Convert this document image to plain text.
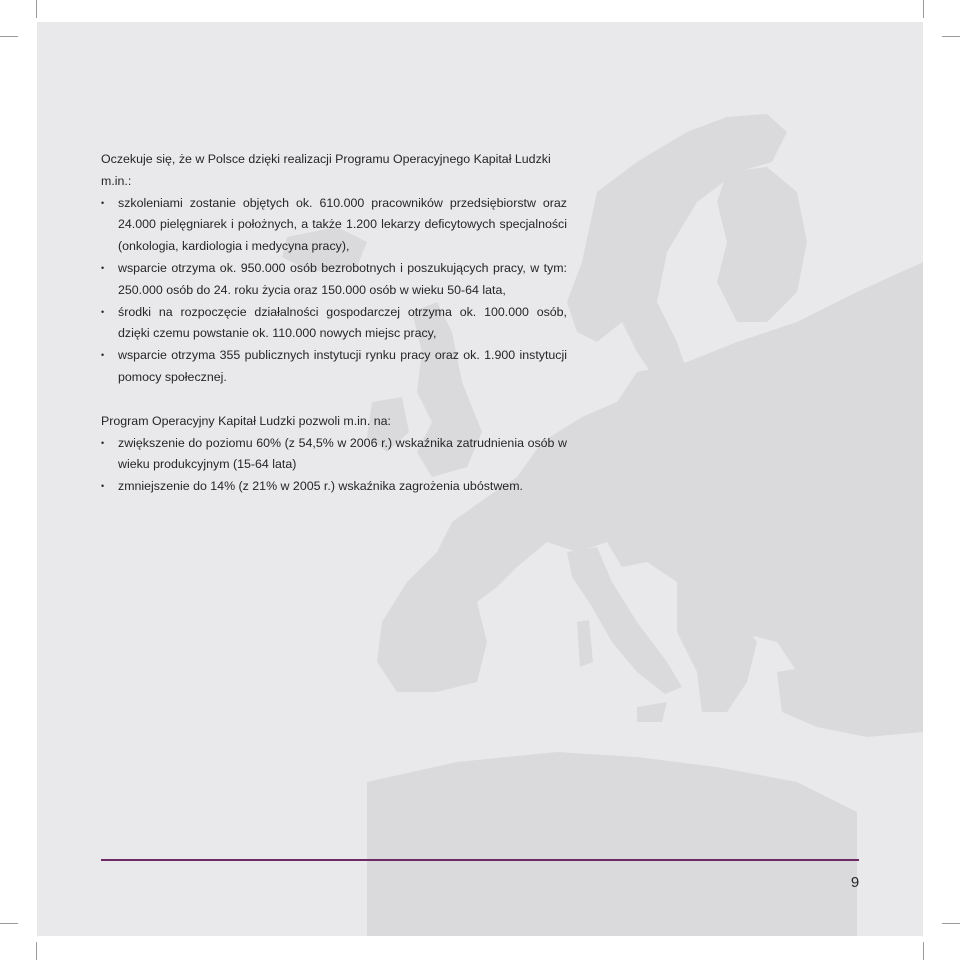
Oczekuje się, że w Polsce dzięki realizacji Programu Operacyjnego Kapitał Ludzki m.in.:

• szkoleniami zostanie objętych ok. 610.000 pracowników przedsiębiorstw oraz 24.000 pielęgniarek i położnych, a także 1.200 lekarzy deficytowych specjalności (onkologia, kardiologia i medycyna pracy),
• wsparcie otrzyma ok. 950.000 osób bezrobotnych i poszukujących pracy, w tym: 250.000 osób do 24. roku życia oraz 150.000 osób w wieku 50-64 lata,
• środki na rozpoczęcie działalności gospodarczej otrzyma ok. 100.000 osób, dzięki czemu powstanie ok. 110.000 nowych miejsc pracy,
• wsparcie otrzyma 355 publicznych instytucji rynku pracy oraz ok. 1.900 instytucji pomocy społecznej.

Program Operacyjny Kapitał Ludzki pozwoli m.in. na:

• zwiększenie do poziomu 60% (z 54,5% w 2006 r.) wskaźnika zatrudnienia osób w wieku produkcyjnym (15-64 lata)
• zmniejszenie do 14% (z 21% w 2005 r.) wskaźnika zagrożenia ubóstwem.
9
